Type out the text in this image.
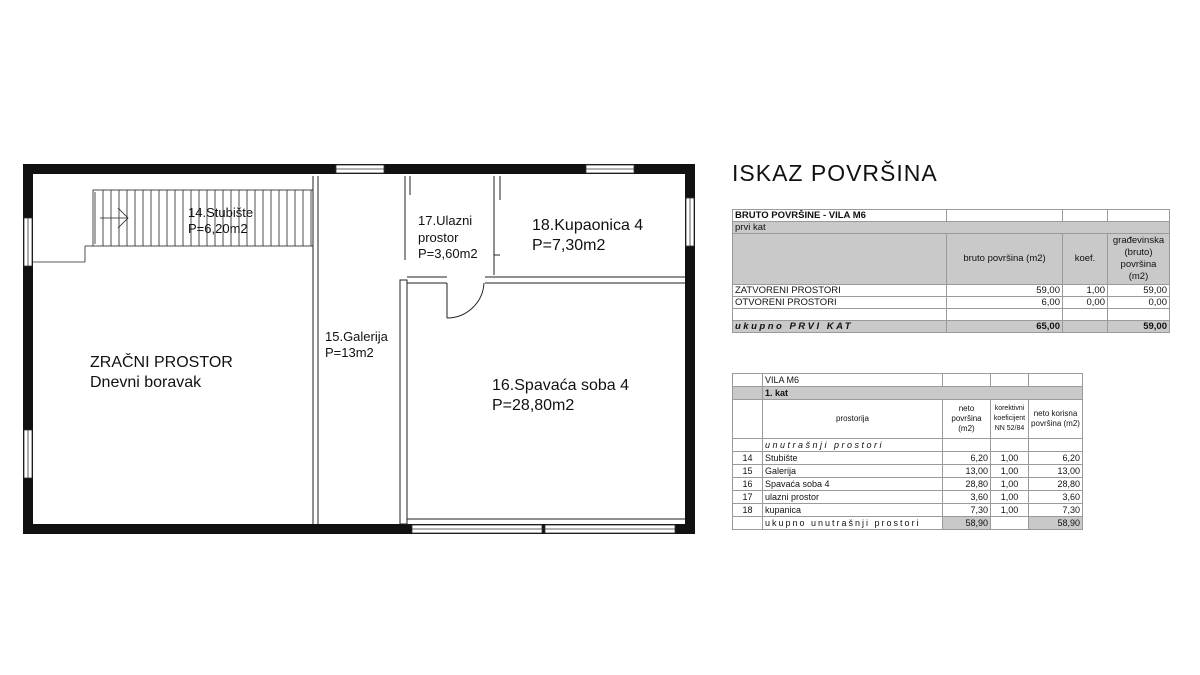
14.Stubište
P=6,20m2
15.Galerija
P=13m2
16.Spavaća soba 4
P=28,80m2
17.Ulazni
prostor
P=3,60m2
18.Kupaonica 4
P=7,30m2
ZRAČNI PROSTOR
Dnevni boravak
ISKAZ POVRŠINA
BRUTO POVRŠINE - VILA M6			
prvi kat			
	bruto površina (m2)	koef.	građevinska (bruto) površina (m2)
ZATVORENI PROSTORI	59,00	1,00	59,00
OTVORENI PROSTORI	6,00	0,00	0,00

ukupno PRVI KAT	65,00		59,00
	VILA M6			
	1. kat			
	prostorija	neto površina (m2)	korektivni koeficijent NN 52/84	neto korisna površina (m2)
	unutrašnji prostori			
14	Stubište	6,20	1,00	6,20
15	Galerija	13,00	1,00	13,00
16	Spavaća soba 4	28,80	1,00	28,80
17	ulazni prostor	3,60	1,00	3,60
18	kupanica	7,30	1,00	7,30
	ukupno unutrašnji prostori	58,90		58,90
